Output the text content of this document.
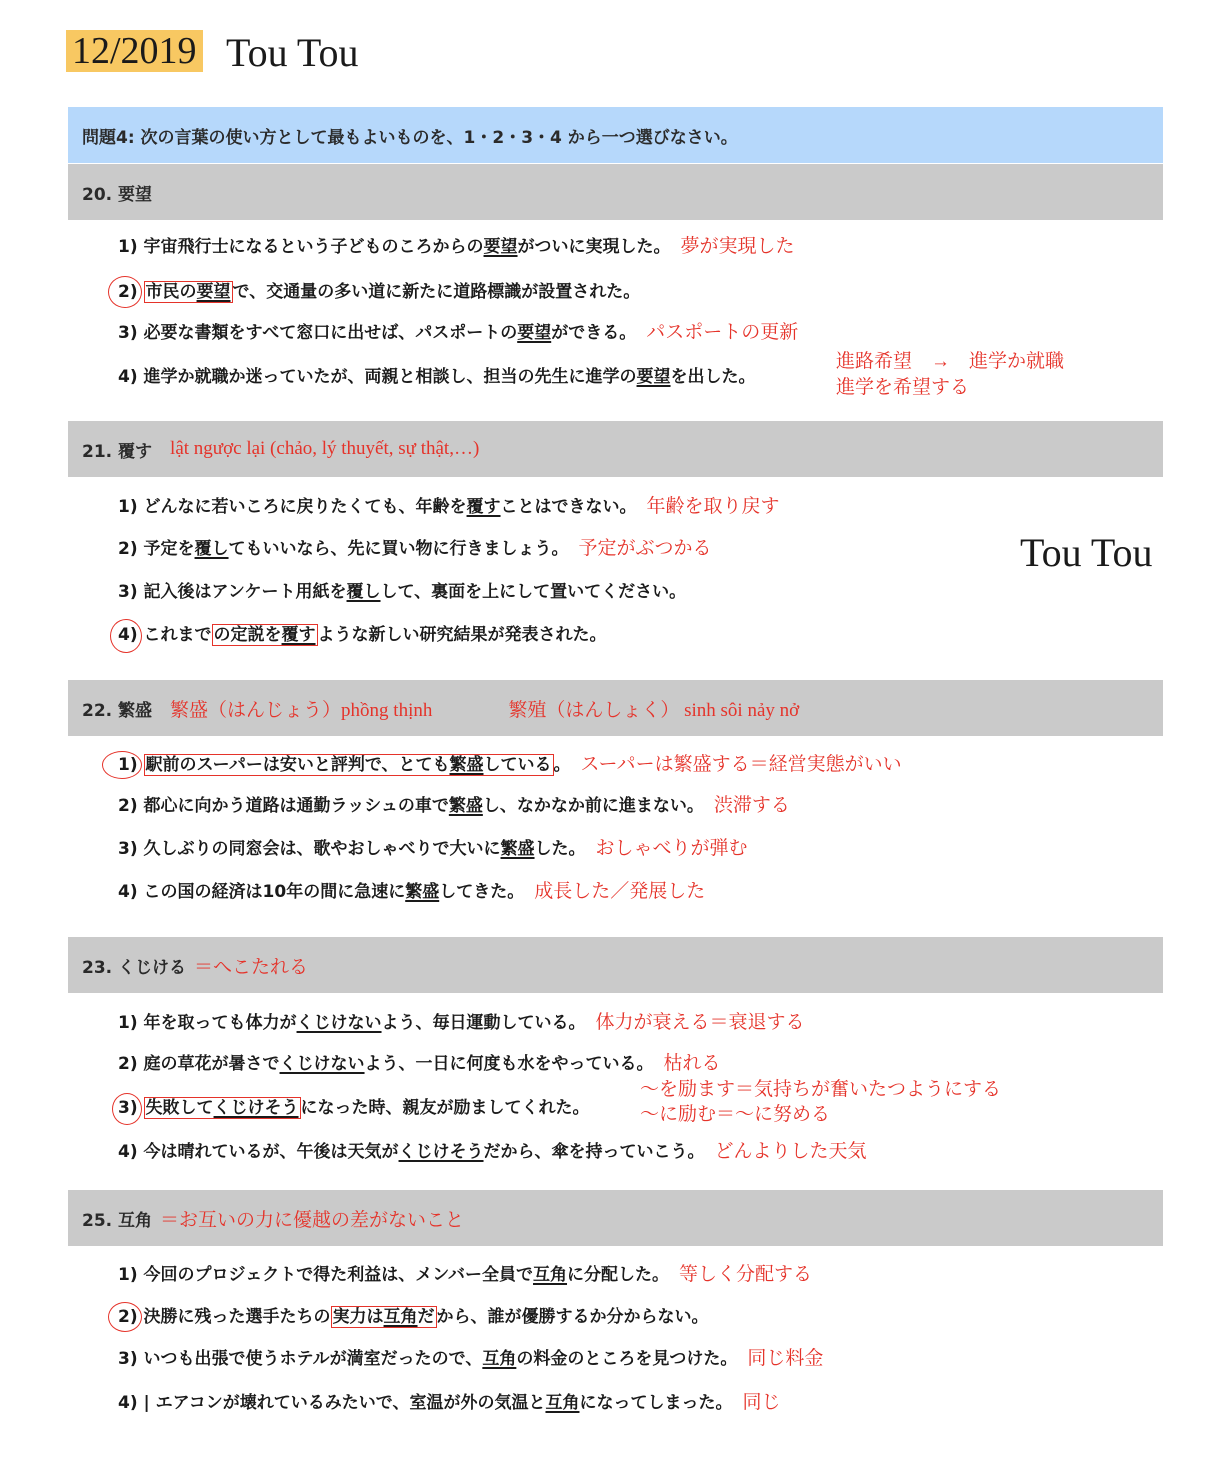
12/2019 Tou Tou
Tou Tou
問題4: 次の言葉の使い方として最もよいものを、1・2・3・4 から一つ選びなさい。
20. 要望
1) 宇宙飛行士になるという子どものころからの要望がついに実現した。 夢が実現した
2) 市民の要望 で、交通量の多い道に新たに道路標識が設置された。
3) 必要な書類をすべて窓口に出せば、パスポートの要望ができる。 パスポートの更新
4) 進学か就職か迷っていたが、両親と相談し、担当の先生に進学の要望を出した。
進路希望　→　進学か就職
進学を希望する
21. 覆す lật ngược lại (chảo, lý thuyết, sự thật,…)
1) どんなに若いころに戻りたくても、年齢を覆すことはできない。 年齢を取り戻す
2) 予定を覆してもいいなら、先に買い物に行きましょう。 予定がぶつかる
3) 記入後はアンケート用紙を覆しして、裏面を上にして置いてください。
4) これまで の定説を覆す ような新しい研究結果が発表された。
22. 繁盛 繁盛（はんじょう）phồng thịnh　　　　繁殖（はんしょく） sinh sôi nảy nở
1) 駅前のスーパーは安いと評判で、とても繁盛している 。 スーパーは繁盛する＝経営実態がいい
2) 都心に向かう道路は通勤ラッシュの車で繁盛し、なかなか前に進まない。 渋滞する
3) 久しぶりの同窓会は、歌やおしゃべりで大いに繁盛した。 おしゃべりが弾む
4) この国の経済は10年の間に急速に繁盛してきた。 成長した／発展した
23. くじける ＝へこたれる
1) 年を取っても体力がくじけないよう、毎日運動している。 体力が衰える＝衰退する
2) 庭の草花が暑さでくじけないよう、一日に何度も水をやっている。 枯れる
3) 失敗してくじけそう になった時、親友が励ましてくれた。
〜を励ます＝気持ちが奮いたつようにする
〜に励む＝〜に努める
4) 今は晴れているが、午後は天気がくじけそうだから、傘を持っていこう。 どんよりした天気
25. 互角 ＝お互いの力に優越の差がないこと
1) 今回のプロジェクトで得た利益は、メンバー全員で互角に分配した。 等しく分配する
2) 決勝に残った選手たちの 実力は互角だ から、誰が優勝するか分からない。
3) いつも出張で使うホテルが満室だったので、互角の料金のところを見つけた。 同じ料金
4) | エアコンが壊れているみたいで、室温が外の気温と互角になってしまった。 同じ
